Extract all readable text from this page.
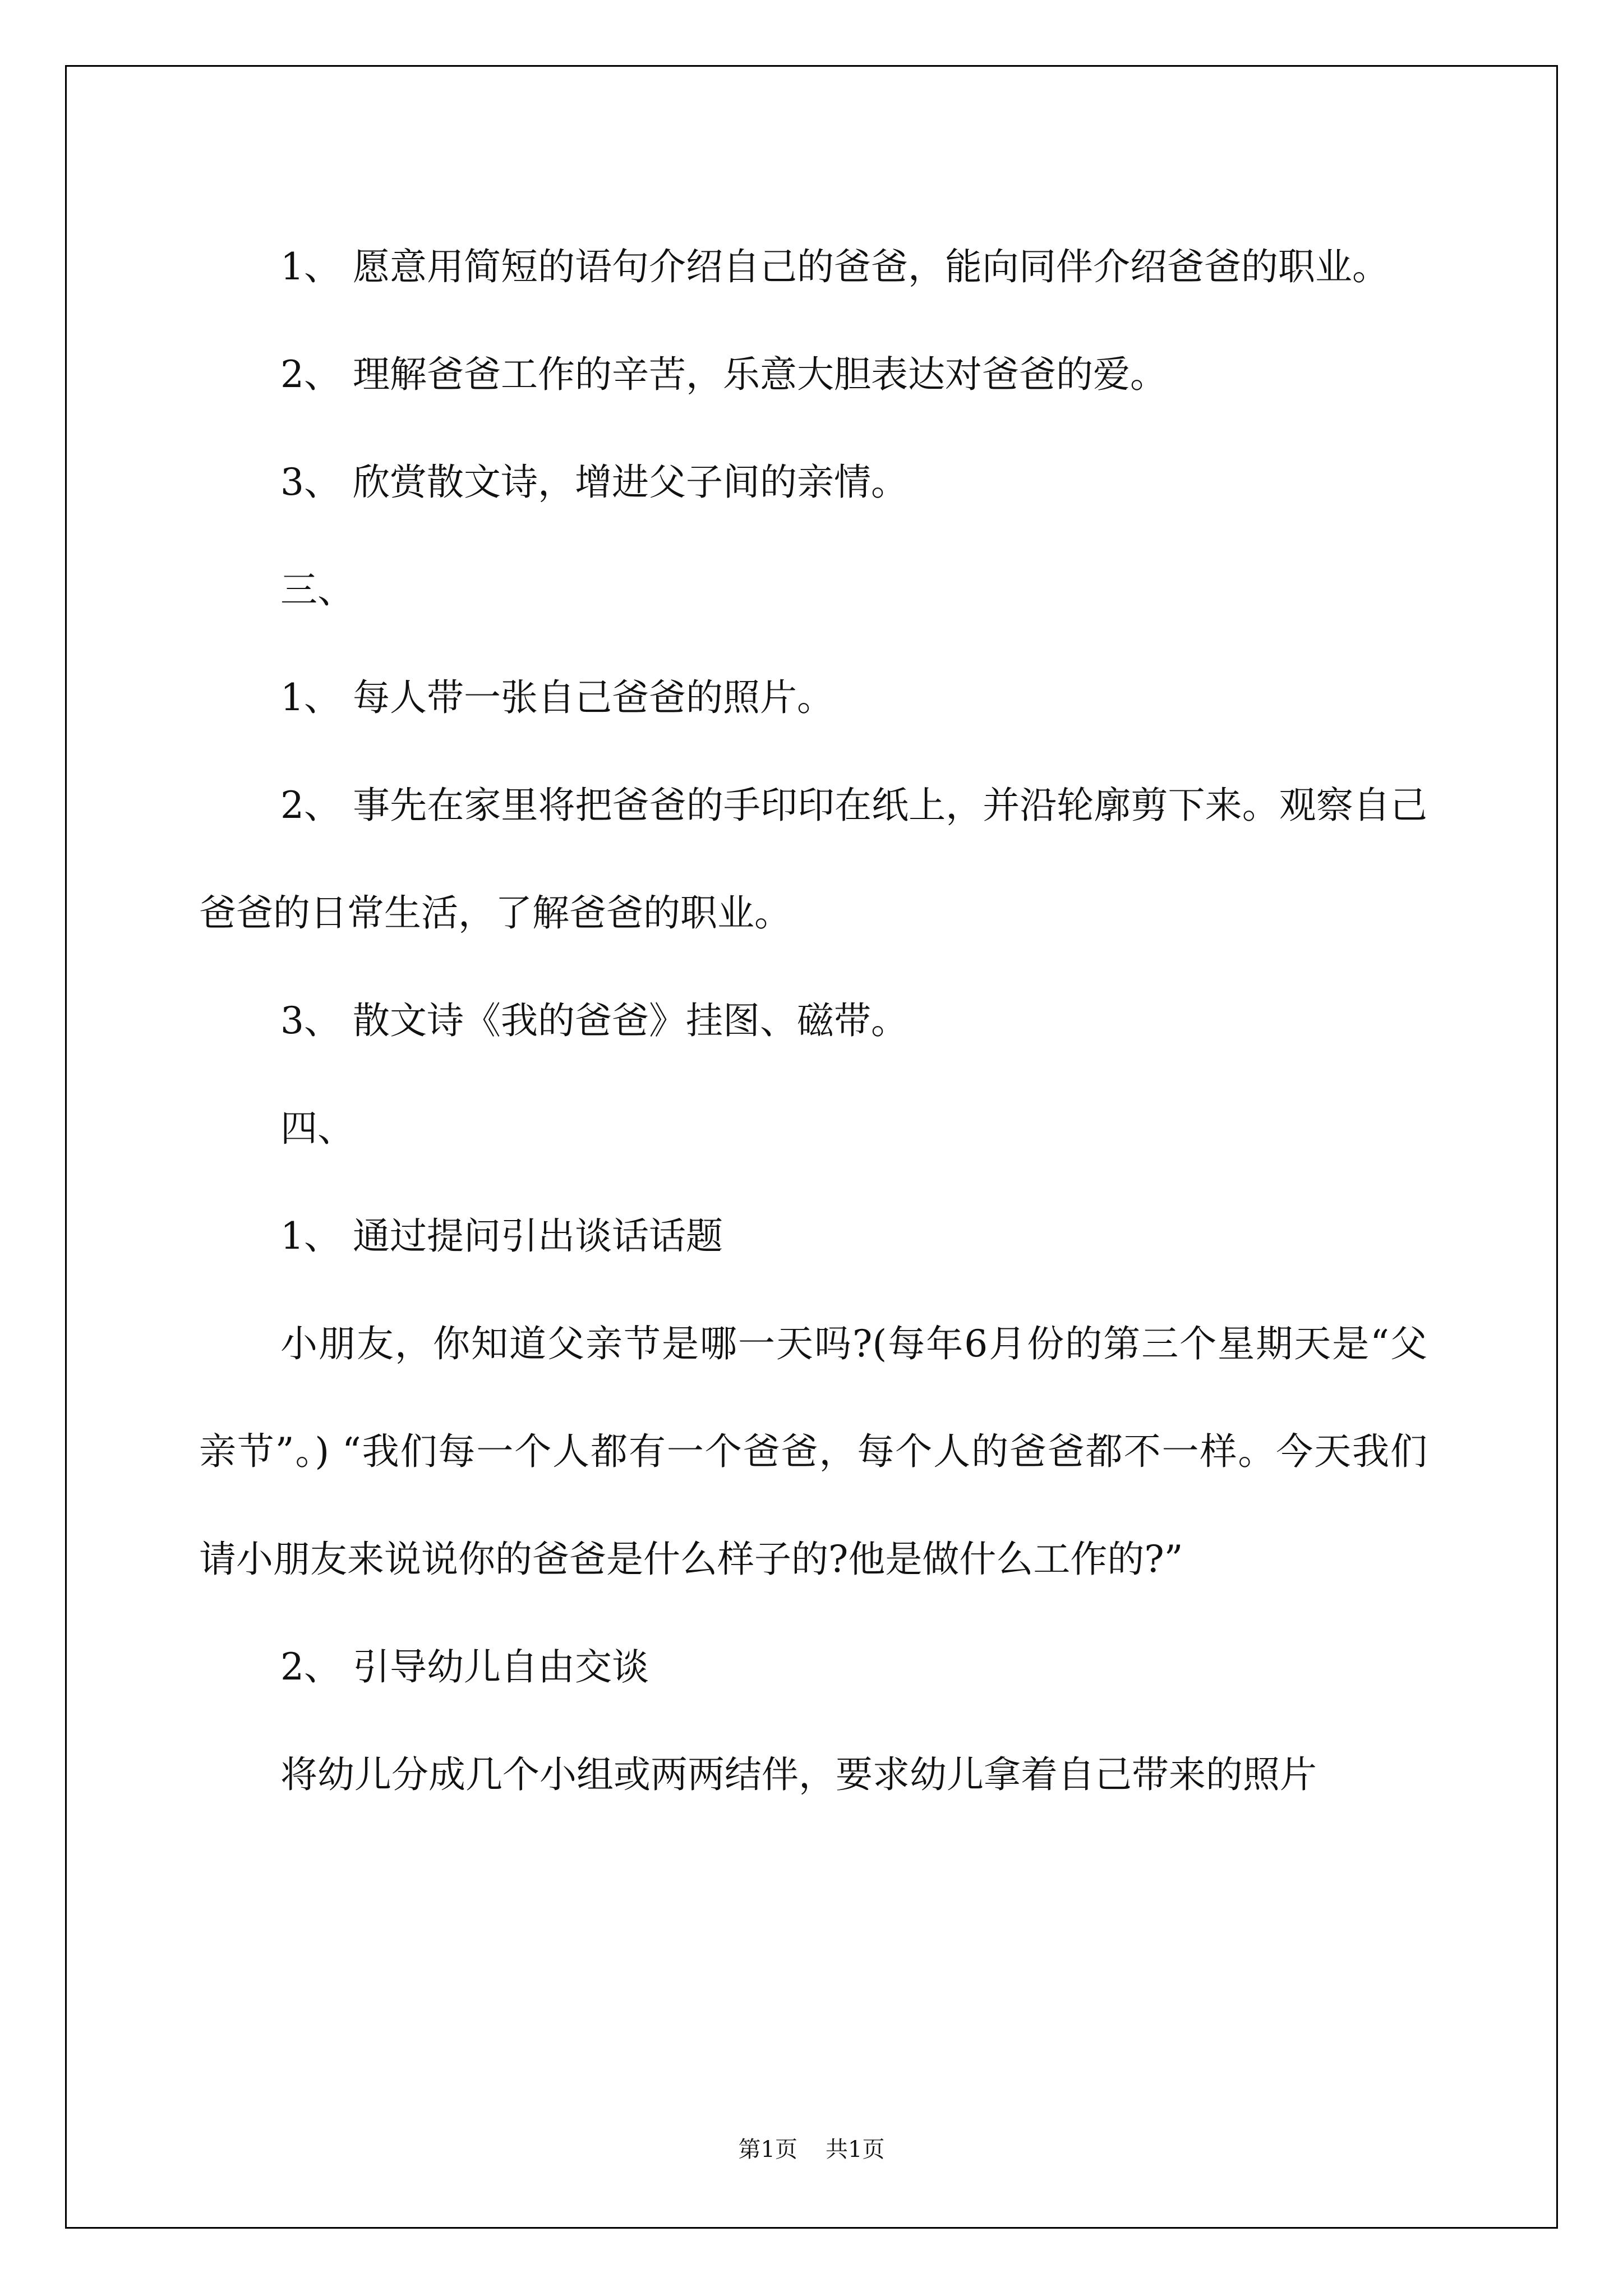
1、 愿意用简短的语句介绍自己的爸爸，能向同伴介绍爸爸的职业。

2、 理解爸爸工作的辛苦，乐意大胆表达对爸爸的爱。

3、 欣赏散文诗，增进父子间的亲情。

三、

1、 每人带一张自己爸爸的照片。

2、 事先在家里将把爸爸的手印印在纸上，并沿轮廓剪下来。观察自己爸爸的日常生活，了解爸爸的职业。

3、 散文诗《我的爸爸》挂图、磁带。

四、

1、 通过提问引出谈话话题

小朋友，你知道父亲节是哪一天吗?(每年6月份的第三个星期天是“父亲节”。) “我们每一个人都有一个爸爸，每个人的爸爸都不一样。今天我们请小朋友来说说你的爸爸是什么样子的?他是做什么工作的?”

2、 引导幼儿自由交谈

将幼儿分成几个小组或两两结伴，要求幼儿拿着自己带来的照片

第1页 共1页
